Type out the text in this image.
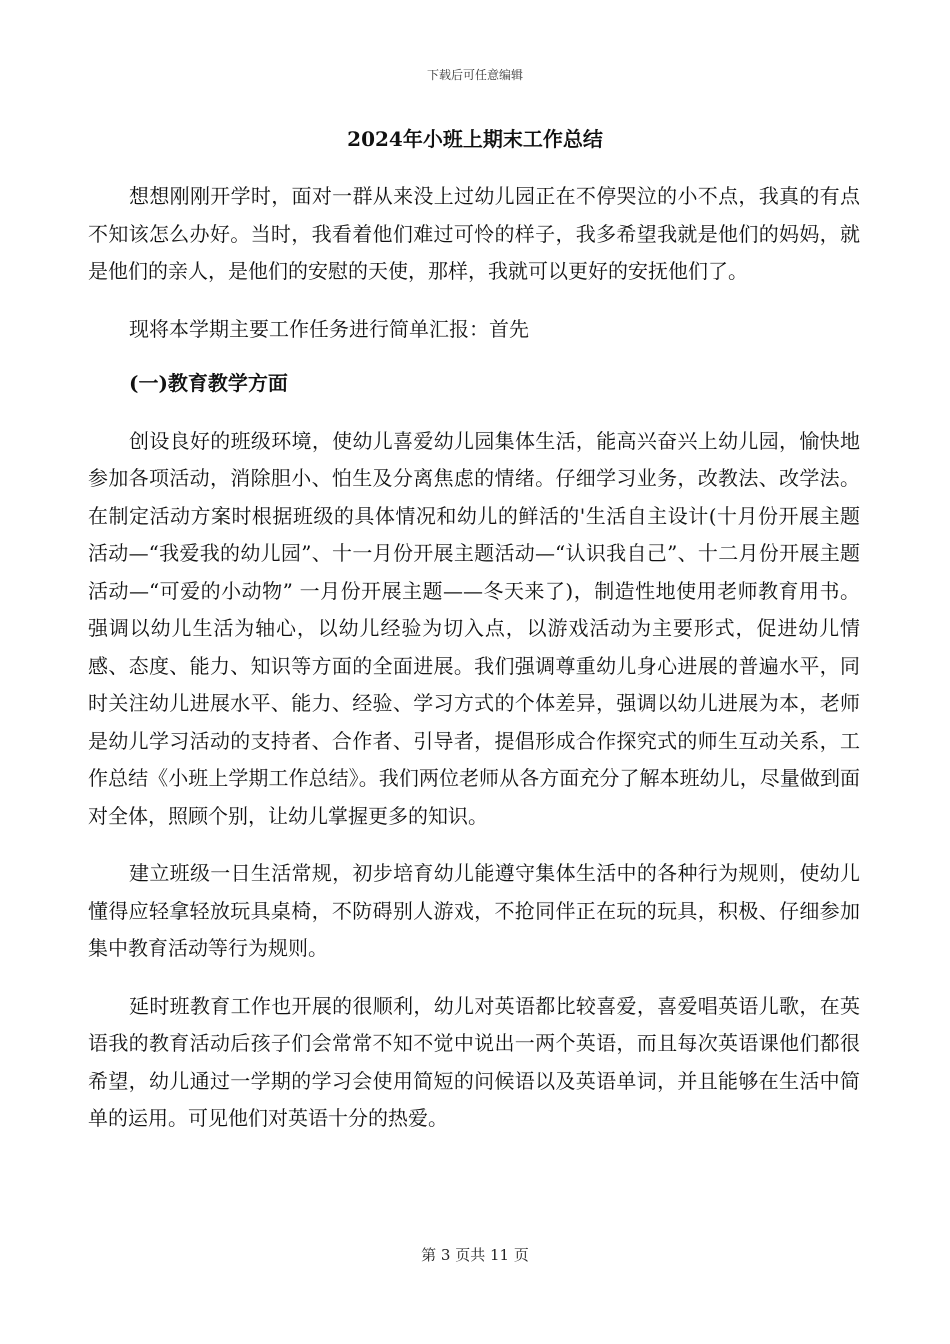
下载后可任意编辑
2024年小班上期末工作总结

想想刚刚开学时，面对一群从来没上过幼儿园正在不停哭泣的小不点，我真的有点不知该怎么办好。当时，我看着他们难过可怜的样子，我多希望我就是他们的妈妈，就是他们的亲人，是他们的安慰的天使，那样，我就可以更好的安抚他们了。

现将本学期主要工作任务进行简单汇报：首先

(一)教育教学方面

创设良好的班级环境，使幼儿喜爱幼儿园集体生活，能高兴奋兴上幼儿园，愉快地参加各项活动，消除胆小、怕生及分离焦虑的情绪。仔细学习业务，改教法、改学法。在制定活动方案时根据班级的具体情况和幼儿的鲜活的'生活自主设计(十月份开展主题活动—“我爱我的幼儿园”、十一月份开展主题活动—“认识我自己”、十二月份开展主题活动—“可爱的小动物” 一月份开展主题——冬天来了)，制造性地使用老师教育用书。强调以幼儿生活为轴心，以幼儿经验为切入点，以游戏活动为主要形式，促进幼儿情感、态度、能力、知识等方面的全面进展。我们强调尊重幼儿身心进展的普遍水平，同时关注幼儿进展水平、能力、经验、学习方式的个体差异，强调以幼儿进展为本，老师是幼儿学习活动的支持者、合作者、引导者，提倡形成合作探究式的师生互动关系，工作总结《小班上学期工作总结》。我们两位老师从各方面充分了解本班幼儿，尽量做到面对全体，照顾个别，让幼儿掌握更多的知识。

建立班级一日生活常规，初步培育幼儿能遵守集体生活中的各种行为规则，使幼儿懂得应轻拿轻放玩具桌椅，不防碍别人游戏，不抢同伴正在玩的玩具，积极、仔细参加集中教育活动等行为规则。

延时班教育工作也开展的很顺利，幼儿对英语都比较喜爱，喜爱唱英语儿歌，在英语我的教育活动后孩子们会常常不知不觉中说出一两个英语，而且每次英语课他们都很希望，幼儿通过一学期的学习会使用简短的问候语以及英语单词，并且能够在生活中简单的运用。可见他们对英语十分的热爱。

第 3 页共 11 页
